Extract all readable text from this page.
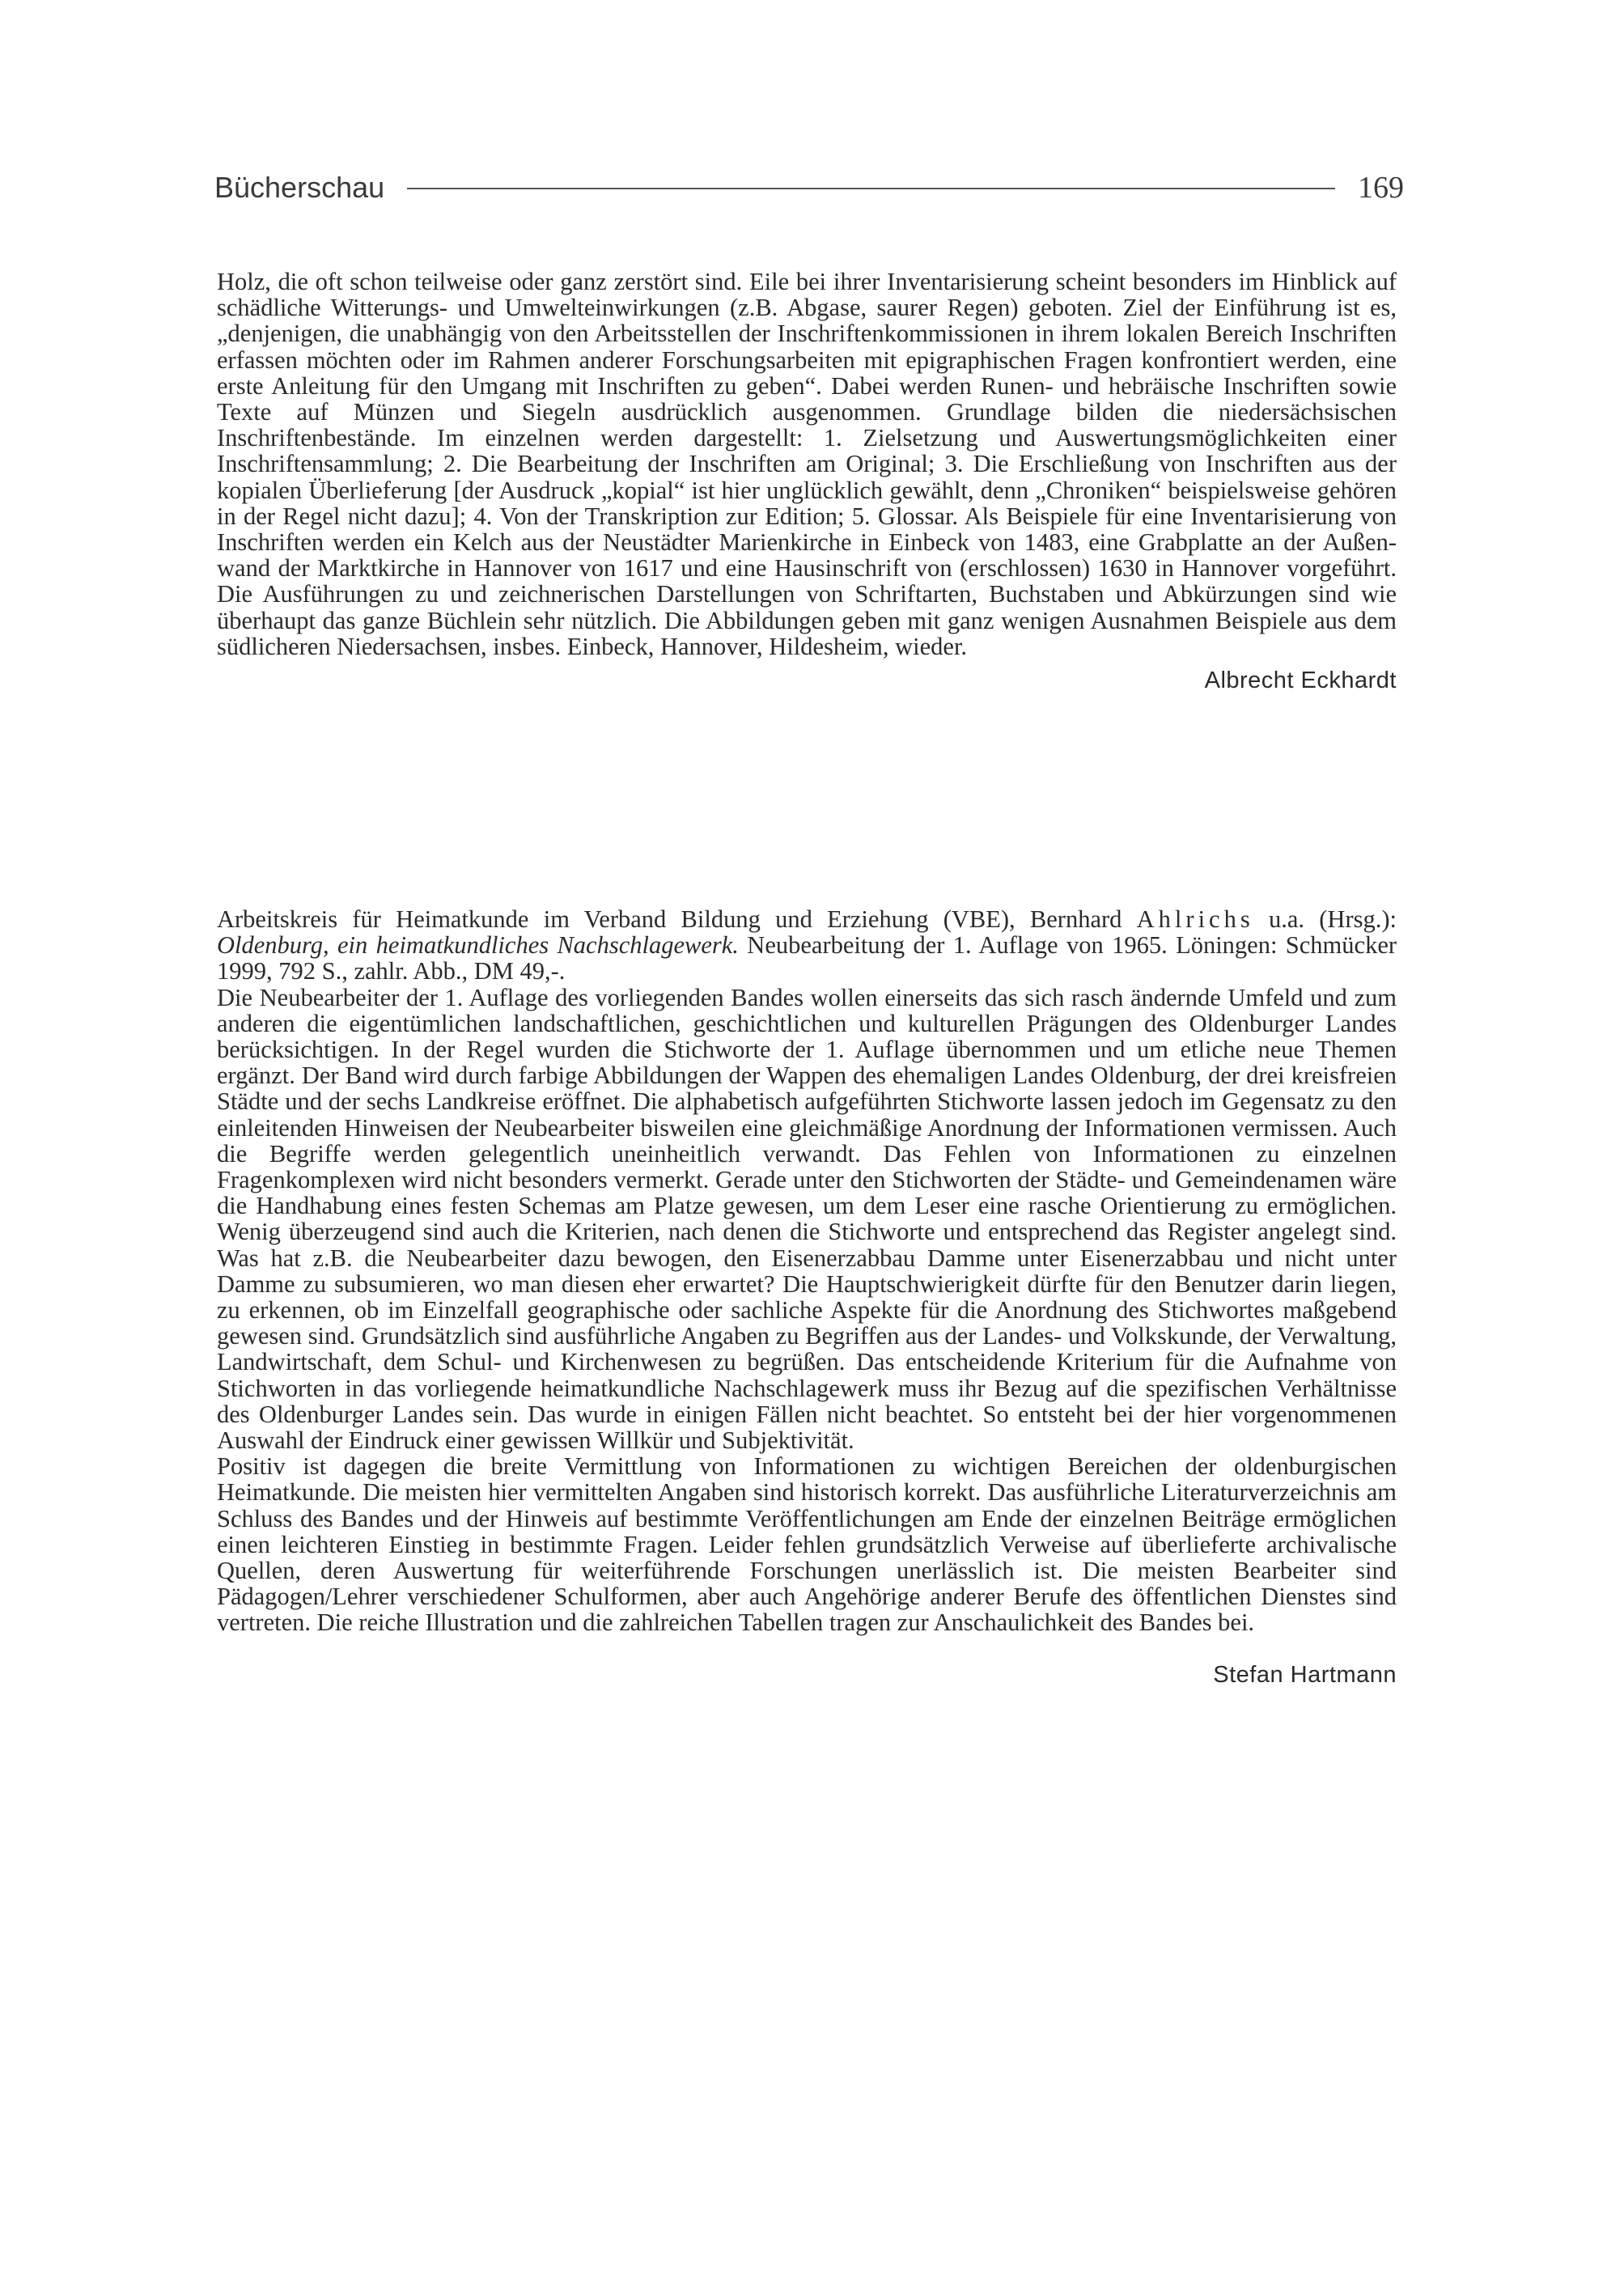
Bücherschau	169

Holz, die oft schon teilweise oder ganz zerstört sind. Eile bei ihrer Inventarisierung scheint besonders im Hinblick auf schädliche Witterungs- und Umwelteinwirkungen (z.B. Abgase, saurer Regen) geboten. Ziel der Einführung ist es, „denjenigen, die unabhängig von den Arbeitsstellen der Inschriftenkommissionen in ihrem lokalen Bereich Inschriften erfassen möchten oder im Rahmen anderer Forschungsarbeiten mit epigraphischen Fragen konfrontiert werden, eine erste Anleitung für den Umgang mit Inschriften zu geben“. Dabei werden Runen- und hebräische Inschriften sowie Texte auf Münzen und Siegeln ausdrücklich ausgenommen. Grundlage bilden die niedersächsischen Inschriftenbestände. Im einzelnen werden dargestellt: 1. Zielsetzung und Auswertungsmöglichkeiten einer Inschriftensammlung; 2. Die Bearbeitung der Inschriften am Original; 3. Die Erschließung von Inschriften aus der kopialen Überlieferung [der Ausdruck „kopial“ ist hier unglücklich gewählt, denn „Chroniken“ beispielsweise gehören in der Regel nicht dazu]; 4. Von der Transkription zur Edition; 5. Glossar. Als Beispiele für eine Inventarisierung von Inschriften werden ein Kelch aus der Neustädter Marienkirche in Einbeck von 1483, eine Grabplatte an der Außenwand der Marktkirche in Hannover von 1617 und eine Hausinschrift von (erschlossen) 1630 in Hannover vorgeführt. Die Ausführungen zu und zeichnerischen Darstellungen von Schriftarten, Buchstaben und Abkürzungen sind wie überhaupt das ganze Büchlein sehr nützlich. Die Abbildungen geben mit ganz wenigen Ausnahmen Beispiele aus dem südlicheren Niedersachsen, insbes. Einbeck, Hannover, Hildesheim, wieder.

Albrecht Eckhardt

Arbeitskreis für Heimatkunde im Verband Bildung und Erziehung (VBE), Bernhard Ahlrichs u.a. (Hrsg.): Oldenburg, ein heimatkundliches Nachschlagewerk. Neubearbeitung der 1. Auflage von 1965. Löningen: Schmücker 1999, 792 S., zahlr. Abb., DM 49,-.

Die Neubearbeiter der 1. Auflage des vorliegenden Bandes wollen einerseits das sich rasch ändernde Umfeld und zum anderen die eigentümlichen landschaftlichen, geschichtlichen und kulturellen Prägungen des Oldenburger Landes berücksichtigen. In der Regel wurden die Stichworte der 1. Auflage übernommen und um etliche neue Themen ergänzt. Der Band wird durch farbige Abbildungen der Wappen des ehemaligen Landes Oldenburg, der drei kreisfreien Städte und der sechs Landkreise eröffnet. Die alphabetisch aufgeführten Stichworte lassen jedoch im Gegensatz zu den einleitenden Hinweisen der Neubearbeiter bisweilen eine gleichmäßige Anordnung der Informationen vermissen. Auch die Begriffe werden gelegentlich uneinheitlich verwandt. Das Fehlen von Informationen zu einzelnen Fragenkomplexen wird nicht besonders vermerkt. Gerade unter den Stichworten der Städte- und Gemeindenamen wäre die Handhabung eines festen Schemas am Platze gewesen, um dem Leser eine rasche Orientierung zu ermöglichen. Wenig überzeugend sind auch die Kriterien, nach denen die Stichworte und entsprechend das Register angelegt sind. Was hat z.B. die Neubearbeiter dazu bewogen, den Eisenerzabbau Damme unter Eisenerzabbau und nicht unter Damme zu subsumieren, wo man diesen eher erwartet? Die Hauptschwierigkeit dürfte für den Benutzer darin liegen, zu erkennen, ob im Einzelfall geographische oder sachliche Aspekte für die Anordnung des Stichwortes maßgebend gewesen sind. Grundsätzlich sind ausführliche Angaben zu Begriffen aus der Landes- und Volkskunde, der Verwaltung, Landwirtschaft, dem Schul- und Kirchenwesen zu begrüßen. Das entscheidende Kriterium für die Aufnahme von Stichworten in das vorliegende heimatkundliche Nachschlagewerk muss ihr Bezug auf die spezifischen Verhältnisse des Oldenburger Landes sein. Das wurde in einigen Fällen nicht beachtet. So entsteht bei der hier vorgenommenen Auswahl der Eindruck einer gewissen Willkür und Subjektivität.

Positiv ist dagegen die breite Vermittlung von Informationen zu wichtigen Bereichen der oldenburgischen Heimatkunde. Die meisten hier vermittelten Angaben sind historisch korrekt. Das ausführliche Literaturverzeichnis am Schluss des Bandes und der Hinweis auf bestimmte Veröffentlichungen am Ende der einzelnen Beiträge ermöglichen einen leichteren Einstieg in bestimmte Fragen. Leider fehlen grundsätzlich Verweise auf überlieferte archivalische Quellen, deren Auswertung für weiterführende Forschungen unerlässlich ist. Die meisten Bearbeiter sind Pädagogen/Lehrer verschiedener Schulformen, aber auch Angehörige anderer Berufe des öffentlichen Dienstes sind vertreten. Die reiche Illustration und die zahlreichen Tabellen tragen zur Anschaulichkeit des Bandes bei.

Stefan Hartmann
